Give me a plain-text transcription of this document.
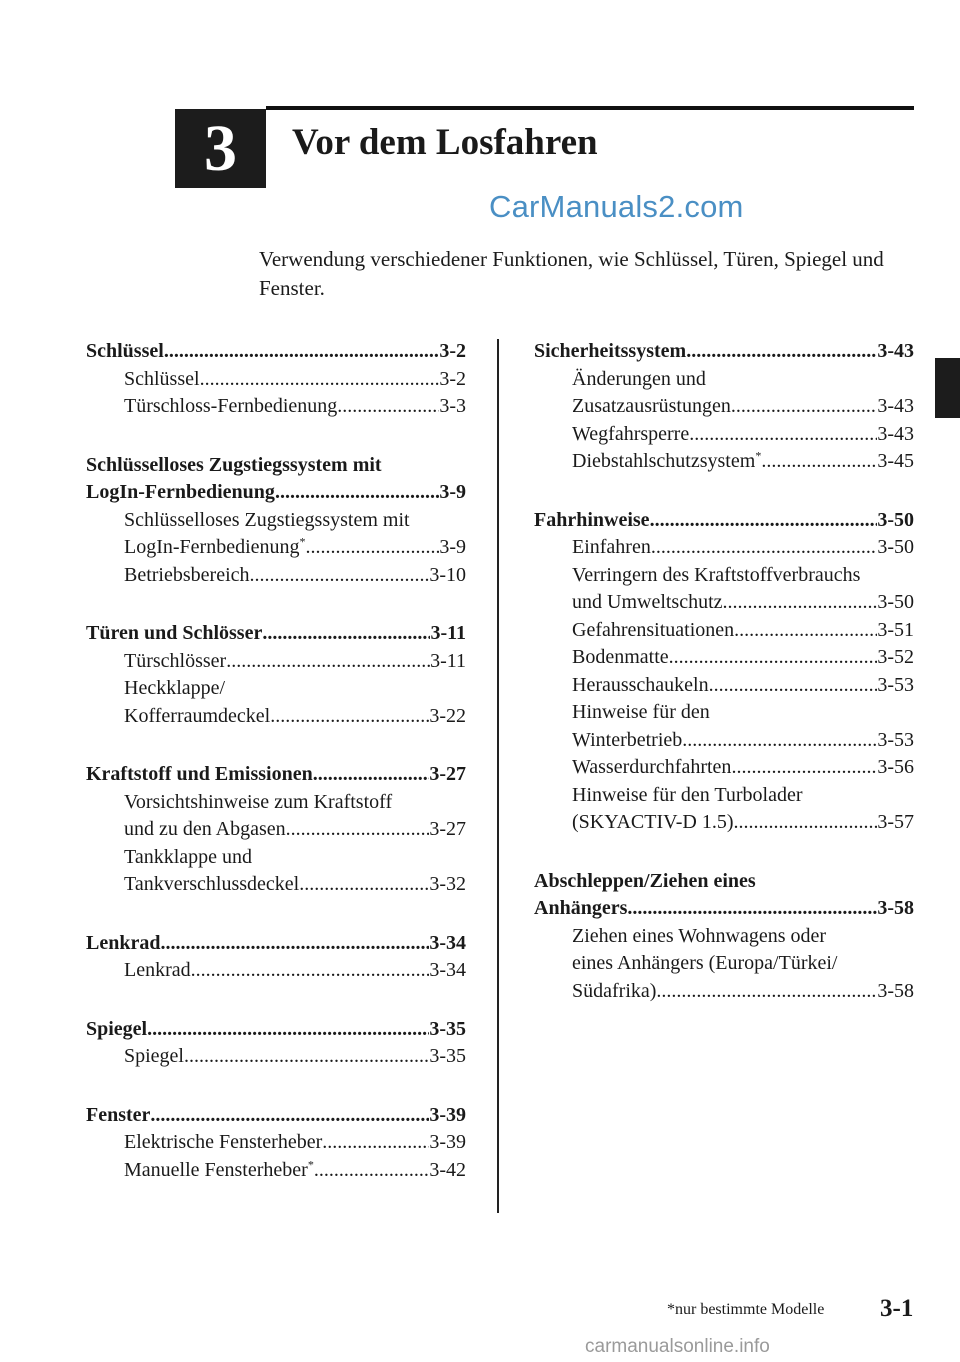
3 Vor dem Losfahren
CarManuals2.com
Verwendung verschiedener Funktionen, wie Schlüssel, Türen, Spiegel und Fenster.
Schlüssel .....	3-2
Schlüssel .....	3-2
Türschloss-Fernbedienung .....	3-3
Schlüsselloses Zugstiegssystem mit
LogIn-Fernbedienung .....	3-9
Schlüsselloses Zugstiegssystem mit
LogIn-Fernbedienung* .....	3-9
Betriebsbereich .....	3-10
Türen und Schlösser .....	3-11
Türschlösser .....	3-11
Heckklappe/
Kofferraumdeckel .....	3-22
Kraftstoff und Emissionen .....	3-27
Vorsichtshinweise zum Kraftstoff
und zu den Abgasen .....	3-27
Tankklappe und
Tankverschlussdeckel .....	3-32
Lenkrad .....	3-34
Lenkrad .....	3-34
Spiegel .....	3-35
Spiegel .....	3-35
Fenster .....	3-39
Elektrische Fensterheber .....	3-39
Manuelle Fensterheber* .....	3-42
Sicherheitssystem .....	3-43
Änderungen und
Zusatzausrüstungen .....	3-43
Wegfahrsperre .....	3-43
Diebstahlschutzsystem* .....	3-45
Fahrhinweise .....	3-50
Einfahren .....	3-50
Verringern des Kraftstoffverbrauchs
und Umweltschutz .....	3-50
Gefahrensituationen .....	3-51
Bodenmatte .....	3-52
Herausschaukeln .....	3-53
Hinweise für den
Winterbetrieb .....	3-53
Wasserdurchfahrten .....	3-56
Hinweise für den Turbolader
(SKYACTIV-D 1.5) .....	3-57
Abschleppen/Ziehen eines
Anhängers .....	3-58
Ziehen eines Wohnwagens oder
eines Anhängers (Europa/Türkei/
Südafrika) .....	3-58
*nur bestimmte Modelle 3-1
carmanualsonline.info
